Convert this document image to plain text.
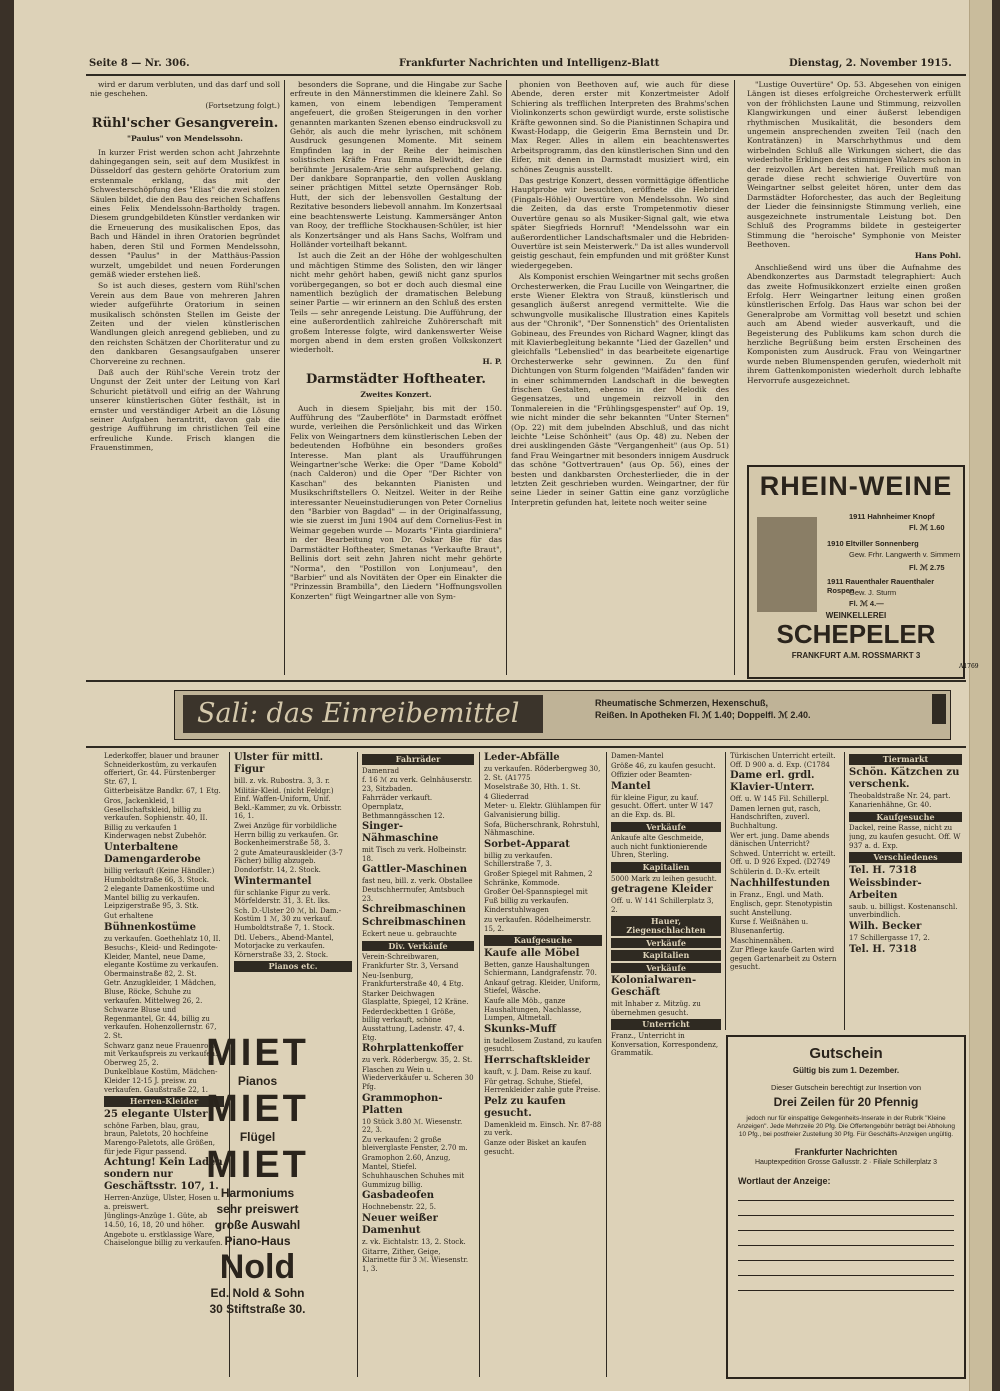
Seite 8 — Nr. 306.	Frankfurter Nachrichten und Intelligenz-Blatt	Dienstag, 2. November 1915.

wird er darum verbluten, und das darf und soll nie geschehen.

(Fortsetzung folgt.)

Rühl'scher Gesangverein.

"Paulus" von Mendelssohn.

In kurzer Frist werden schon acht Jahrzehnte dahingegangen sein, seit auf dem Musikfest in Düsseldorf das gestern gehörte Oratorium zum erstenmale erklang, das mit der Schwesterschöpfung des "Elias" die zwei stolzen Säulen bildet, die den Bau des reichen Schaffens eines Felix Mendelssohn-Bartholdy tragen. Diesem grundgebildeten Künstler verdanken wir die Erneuerung des musikalischen Epos, das Bach und Händel in ihren Oratorien begründet haben, deren Stil und Formen Mendelssohn, dessen "Paulus" in der Matthäus-Passion wurzelt, umgebildet und neuen Forderungen gemäß wieder erstehen ließ.

So ist auch dieses, gestern vom Rühl'schen Verein aus dem Baue von mehreren Jahren wieder aufgeführte Oratorium in seinen musikalisch schönsten Stellen im Geiste der Zeiten und der vielen künstlerischen Wandlungen gleich anregend geblieben, und zu den reichsten Schätzen der Chorliteratur und zu den dankbaren Gesangsaufgaben unserer Chorvereine zu rechnen.

Daß auch der Rühl'sche Verein trotz der Ungunst der Zeit unter der Leitung von Karl Schuricht pietätvoll und eifrig an der Wahrung unserer künstlerischen Güter festhält, ist in ernster und verständiger Arbeit an die Lösung seiner Aufgaben herantritt, davon gab die gestrige Aufführung im christlichen Teil eine erfreuliche Kunde. Frisch klangen die Frauenstimmen,

besonders die Soprane, und die Hingabe zur Sache erfreute in den Männerstimmen die kleinere Zahl. So kamen, von einem lebendigen Temperament angefeuert, die großen Steigerungen in den vorher genannten markanten Szenen ebenso eindrucksvoll zu Gehör, als auch die mehr lyrischen, mit schönem Ausdruck gesungenen Momente. Mit seinem Empfinden lag in der Reihe der heimischen solistischen Kräfte Frau Emma Bellwidt, der die berühmte Jerusalem-Arie sehr aufsprechend gelang. Der dankbare Sopranpartie, den vollen Ausklang seiner prächtigen Mittel setzte Opernsänger Rob. Hutt, der sich der lebensvollen Gestaltung der Rezitative besonders liebevoll annahm. Im Konzertsaal eine beachtenswerte Leistung. Kammersänger Anton van Rooy, der treffliche Stockhausen-Schüler, ist hier als Konzertsänger und als Hans Sachs, Wolfram und Holländer vorteilhaft bekannt.

Ist auch die Zeit an der Höhe der wohlgeschulten und mächtigen Stimme des Solisten, den wir länger nicht mehr gehört haben, gewiß nicht ganz spurlos vorübergegangen, so bot er doch auch diesmal eine namentlich bezüglich der dramatischen Belebung seiner Partie — wir erinnern an den Schluß des ersten Teils — sehr anregende Leistung. Die Aufführung, der eine außerordentlich zahlreiche Zuhörerschaft mit großem Interesse folgte, wird dankenswerter Weise morgen abend in dem ersten großen Volkskonzert wiederholt.

H. P.

Darmstädter Hoftheater.

Zweites Konzert.

Auch in diesem Spieljahr, bis mit der 150. Aufführung des "Zauberflöte" in Darmstadt eröffnet wurde, verleihen die Persönlichkeit und das Wirken Felix von Weingartners dem künstlerischen Leben der bedeutenden Hofbühne ein besonders großes Interesse. Man plant als Uraufführungen Weingartner'sche Werke: die Oper "Dame Kobold" (nach Calderon) und die Oper "Der Richter von Kaschan" des bekannten Pianisten und Musikschriftstellers O. Neitzel. Weiter in der Reihe interessanter Neueinstudierungen von Peter Cornelius den "Barbier von Bagdad" — in der Originalfassung, wie sie zuerst im Juni 1904 auf dem Cornelius-Fest in Weimar gegeben wurde — Mozarts "Finta giardiniera" in der Bearbeitung von Dr. Oskar Bie für das Darmstädter Hoftheater, Smetanas "Verkaufte Braut", Bellinis dort seit zehn Jahren nicht mehr gehörte "Norma", den "Postillon von Lonjumeau", den "Barbier" und als Novitäten der Oper ein Einakter die "Prinzessin Brambilla", den Liedern "Hoffnungsvollen Konzerten" fügt Weingartner alle von Sym-

phonien von Beethoven auf, wie auch für diese Abende, deren erster mit Konzertmeister Adolf Schiering als trefflichen Interpreten des Brahms'schen Violinkonzerts schon gewürdigt wurde, erste solistische Kräfte gewonnen sind. So die Pianistinnen Schapira und Kwast-Hodapp, die Geigerin Ema Bernstein und Dr. Max Reger. Alles in allem ein beachtenswertes Arbeitsprogramm, das den künstlerischen Sinn und den Eifer, mit denen in Darmstadt musiziert wird, ein schönes Zeugnis ausstellt.

Das gestrige Konzert, dessen vormittägige öffentliche Hauptprobe wir besuchten, eröffnete die Hebriden (Fingals-Höhle) Ouvertüre von Mendelssohn. Wo sind die Zeiten, da das erste Trompetenmotiv dieser Ouvertüre genau so als Musiker-Signal galt, wie etwa später Siegfrieds Hornruf! "Mendelssohn war ein außerordentlicher Landschaftsmaler und die Hebriden-Ouvertüre ist sein Meisterwerk." Da ist alles wundervoll geistig geschaut, fein empfunden und mit größter Kunst wiedergegeben.

Als Komponist erschien Weingartner mit sechs großen Orchesterwerken, die Frau Lucille von Weingartner, die erste Wiener Elektra von Strauß, künstlerisch und gesanglich äußerst anregend vermittelte. Wie die schwungvolle musikalische Illustration eines Kapitels aus der "Chronik", "Der Sonnenstich" des Orientalisten Gobineau, des Freundes von Richard Wagner, klingt das mit Klavierbegleitung bekannte "Lied der Gazellen" und gleichfalls "Lebenslied" in das bearbeitete eigenartige Orchesterwerke sehr gewinnen. Zu den fünf Dichtungen von Sturm folgenden "Maifäden" fanden wir in einer schimmernden Landschaft in die bewegten frischen Gestalten, ebenso in der Melodik des Gegensatzes, und ungemein reizvoll in den Tonmalereien in die "Frühlingsgespenster" auf Op. 19, wie nicht minder die sehr bekannten "Unter Sternen" (Op. 22) mit dem jubelnden Abschluß, und das nicht leichte "Leise Schönheit" (aus Op. 48) zu. Neben der drei ausklingenden Gäste "Vergangenheit" (aus Op. 51) fand Frau Weingartner mit besonders innigem Ausdruck das schöne "Gottvertrauen" (aus Op. 56), eines der besten und dankbarsten Orchesterlieder, die in der letzten Zeit geschrieben wurden. Weingartner, der für seine Lieder in seiner Gattin eine ganz vorzügliche Interpretin gefunden hat, leitete noch weiter seine

"Lustige Ouvertüre" Op. 53. Abgesehen von einigen Längen ist dieses erfolgreiche Orchesterwerk erfüllt von der fröhlichsten Laune und Stimmung, reizvollen Klangwirkungen und einer äußerst lebendigen rhythmischen Musikalität, die besonders dem ungemein ansprechenden zweiten Teil (nach den Kontratänzen) in Marschrhythmus und dem wirbelnden Schluß alle Wirkungen sichert, die das wiederholte Erklingen des stimmigen Walzers schon in der reizvollen Art bereiten hat. Freilich muß man gerade diese recht schwierige Ouvertüre von Weingartner selbst geleitet hören, unter dem das Darmstädter Hoforchester, das auch der Begleitung der Lieder die feinsinnigste Stimmung verlieh, eine ausgezeichnete instrumentale Leistung bot. Den Schluß des Programms bildete in gesteigerter Stimmung die "heroische" Symphonie von Meister Beethoven.

Hans Pohl.

Anschließend wird uns über die Aufnahme des Abendkonzertes aus Darmstadt telegraphiert: Auch das zweite Hofmusikkonzert erzielte einen großen Erfolg. Herr Weingartner leitung einen großen künstlerischen Erfolg. Das Haus war schon bei der Generalprobe am Vormittag voll besetzt und schien auch am Abend wieder ausverkauft, und die Begeisterung des Publikums kam schon durch die herzliche Begrüßung beim ersten Erscheinen des Komponisten zum Ausdruck. Frau von Weingartner wurde neben Blumenspenden gerufen, wiederholt mit ihrem Gattenkomponisten wiederholt durch lebhafte Hervorrufe ausgezeichnet.

RHEIN-WEINE
1911 Hahnheimer Knopf
Fl. ℳ 1.60
1910 Eltviller Sonnenberg
Gew. Frhr. Langwerth v. Simmern
Fl. ℳ 2.75
1911 Rauenthaler Rauenthaler Rospen
Gew. J. Sturm
Fl. ℳ 4.—
WEINKELLEREI
SCHEPELER
FRANKFURT A.M. ROSSMARKT 3
A1769
Sali: das Einreibemittel	Rheumatische Schmerzen, Hexenschuß,
Reißen. In Apotheken Fl. ℳ 1.40; Doppelfl. ℳ 2.40.
Lederkoffer, blauer und brauner Schneiderkostüm, zu verkaufen offeriert, Gr. 44. Fürstenberger Str. 67, I.
Gitterbeisätze Bandkr. 67, 1 Etg.
Gros, Jackenkleid, 1 Gesellschaftskleid, billig zu verkaufen. Sophienstr. 40, II.
Billig zu verkaufen 1 Kinderwagen nebst Zubehör.
Unterbaltene Damengarderobe
billig verkauft (Keine Händler.) Humboldtstraße 66, 3. Stock.
2 elegante Damenkostüme und Mantel billig zu verkaufen. Leipzigerstraße 95, 3. Stk.
Gut erhaltene
Bühnenkostüme
zu verkaufen. Goethehlatz 10, II.
Besuchs-, Kleid- und Redingote-Kleider, Mantel, neue Dame, elegante Kostüme zu verkaufen. Obermainstraße 82, 2. St.
Getr. Anzugkleider, 1 Mädchen, Bluse, Röcke, Schuhe zu verkaufen. Mittelweg 26, 2.
Schwarze Bluse und Regenmantel, Gr. 44, billig zu verkaufen. Hohenzollernstr. 67, 2. St.
Schwarz ganz neue Frauenrock, mit Verkaufspreis zu verkaufen. Oberweg 25, 2.
Dunkelblaue Kostüm, Mädchen-Kleider 12-15 J. preisw. zu verkaufen. Gaußstraße 22, 1.
Herren-Kleider
25 elegante Ulster
schöne Farben, blau, grau, braun, Paletots, 20 hochfeine Marengo-Paletots, alle Größen, für jede Figur passend.
Achtung! Kein Laden sondern nur Geschäftsstr. 107, 1.
Herren-Anzüge, Ulster, Hosen u. a. preiswert.
Jünglings-Anzüge 1. Güte, ab 14.50, 16, 18, 20 und höher.
Angebote u. erstklassige Ware, Chaiselongue billig zu verkaufen.
Ulster für mittl. Figur
bill. z. vk. Rubostra. 3, 3. r.
Militär-Kleid. (nicht Feldgr.) Einf. Waffen-Uniform, Unif. Bekl.-Kammer, zu vk. Orbisstr. 16, 1.
Zwei Anzüge für vorbildliche Herrn billig zu verkaufen. Gr. Bockenheimerstraße 58, 3.
2 gute Amateurauskleider (3-7 Fächer) billig abzugeb. Dondorfstr. 14, 2. Stock.
Wintermantel
für schlanke Figur zu verk. Mörfelderstr. 31, 3. Et. lks.
Sch. D.-Ulster 20 ℳ, bl. Dam.-Kostüm 1 ℳ, 30 zu verkauf. Humboldtstraße 7, 1. Stock.
Dtl. Uebers., Abend-Mantel, Motorjacke zu verkaufen. Körnerstraße 33, 2. Stock.
Pianos etc.
Fahrräder
Damenrad
f. 16 ℳ zu verk. Gelnhäuserstr. 23, Sitzbaden.
Fahrräder verkauft. Opernplatz, Bethmanngässchen 12.
Singer-Nähmaschine
mit Tisch zu verk. Holbeinstr. 18.
Gattler-Maschinen
fast neu, bill. z. verk. Obstallee Deutschherrnufer, Amtsbuch 23.
Schreibmaschinen
Schreibmaschinen
Eckert neue u. gebrauchte
Div. Verkäufe
Verein-Schreibwaren, Frankfurter Str. 3, Versand
Neu-Isenburg, Frankfurterstraße 40, 4 Etg.
Starker Deichwagen Glasplatte, Spiegel, 12 Kräne.
Federdeckbetten 1 Größe, billig verkauft, schöne Ausstattung, Ladenstr. 47, 4. Etg.
Rohrplattenkoffer
zu verk. Röderbergw. 35, 2. St.
Flaschen zu Wein u. Wiederverkäufer u. Scheren 30 Pfg.
Grammophon-Platten
10 Stück 3.80 ℳ. Wiesenstr. 22, 3.
Zu verkaufen: 2 große bleiverglaste Fenster, 2.70 m.
Gramophon 2.60, Anzug, Mantel, Stiefel.
Schuhhauschen Schuhes mit Gummizug billig.
Gasbadeofen
Hochnebenstr. 22, 5.
Neuer weißer Damenhut
z. vk. Eichtalstr. 13, 2. Stock.
Gitarre, Zither, Geige, Klarinette für 3 ℳ. Wiesenstr. 1, 3.
Leder-Abfälle
zu verkaufen. Röderbergweg 30, 2. St. (A1775
Moselstraße 30, Hth. 1. St.
4 Gliederrad
Meter- u. Elektr. Glühlampen für Galvanisierung billig.
Sofa, Bücherschrank, Rohrstuhl, Nähmaschine.
Sorbet-Apparat
billig zu verkaufen. Schillerstraße 7, 3.
Großer Spiegel mit Rahmen, 2 Schränke, Kommode.
Großer Oel-Spannspiegel mit Fuß billig zu verkaufen.
Kinderstuhlwagen
zu verkaufen. Rödelheimerstr. 15, 2.
Kaufgesuche
Kaufe alle Möbel
Betten, ganze Haushaltungen Schiermann, Landgrafenstr. 70.
Ankauf getrag. Kleider, Uniform, Stiefel, Wäsche.
Kaufe alle Möb., ganze Haushaltungen, Nachlasse, Lumpen, Altmetall.
Skunks-Muff
in tadellosem Zustand, zu kaufen gesucht.
Herrschaftskleider
kauft, v. J. Dam. Reise zu kauf.
Für getrag. Schuhe, Stiefel, Herrenkleider zahle gute Preise.
Pelz zu kaufen gesucht.
Damenkleid m. Einsch. Nr. 87-88 zu verk.
Ganze oder Bisket an kaufen gesucht.
Damen-Mantel
Größe 46, zu kaufen gesucht.
Offizier oder Beamten-
Mantel
für kleine Figur, zu kauf. gesucht. Offert. unter W 147 an die Exp. ds. Bl.
Verkäufe
Ankaufe alte Geschmeide, auch nicht funktionierende Uhren, Sterling.
Kapitalien
5000 Mark zu leihen gesucht.
getragene Kleider
Off. u. W 141 Schillerplatz 3, 2.
Hauer, Ziegenschlachten
Verkäufe
Kapitalien
Verkäufe
Kolonialwaren-Geschäft
mit Inhaber z. Mitzüg. zu übernehmen gesucht.
Unterricht
Franz., Unterricht in Konversation, Korrespondenz, Grammatik.
Türkischen Unterricht erteilt. Off. D 900 a. d. Exp. (C1784
Dame erl. grdl. Klavier-Unterr.
Off. u. W 145 Fil. Schillerpl.
Damen lernen gut, rasch, Handschriften, zuverl. Buchhaltung.
Wer ert. jung. Dame abends dänischen Unterricht?
Schwed. Unterricht w. erteilt. Off. u. D 926 Exped. (D2749
Schülerin d. D.-Kv. erteilt
Nachhilfestunden
in Franz., Engl. und Math.
Englisch, gepr. Stenotypistin sucht Anstellung.
Kurse f. Weißnähen u. Blusenanfertig.
Maschinennähen.
Zur Pflege kaufe Garten wird gegen Gartenarbeit zu Ostern gesucht.
Tiermarkt
Schön. Kätzchen zu verschenk.
Theobaldstraße Nr. 24, part.
Kanarienhähne, Gr. 40.
Kaufgesuche
Dackel, reine Rasse, nicht zu jung, zu kaufen gesucht. Off. W 937 a. d. Exp.
Verschiedenes
Tel. H. 7318
Weissbinder-Arbeiten
saub. u. billigst. Kostenanschl. unverbindlich.
Wilh. Becker
17 Schillergasse 17, 2.
Tel. H. 7318
MIET
Pianos
MIET
Flügel
MIET
Harmoniums
sehr preiswert
große Auswahl
Piano-Haus
Nold
Ed. Nold & Sohn
30 Stiftstraße 30.
Gutschein
Gültig bis zum 1. Dezember.
Dieser Gutschein berechtigt zur Insertion von
Drei Zeilen für 20 Pfennig
jedoch nur für einspaltige Gelegenheits-Inserate in der Rubrik "Kleine Anzeigen". Jede Mehrzeile 20 Pfg. Die Offertengebühr beträgt bei Abholung 10 Pfg., bei postfreier Zustellung 30 Pfg. Für Geschäfts-Anzeigen ungültig.
Frankfurter Nachrichten
Hauptexpedition Grosse Gallusstr. 2 · Filiale Schillerplatz 3
Wortlaut der Anzeige:
